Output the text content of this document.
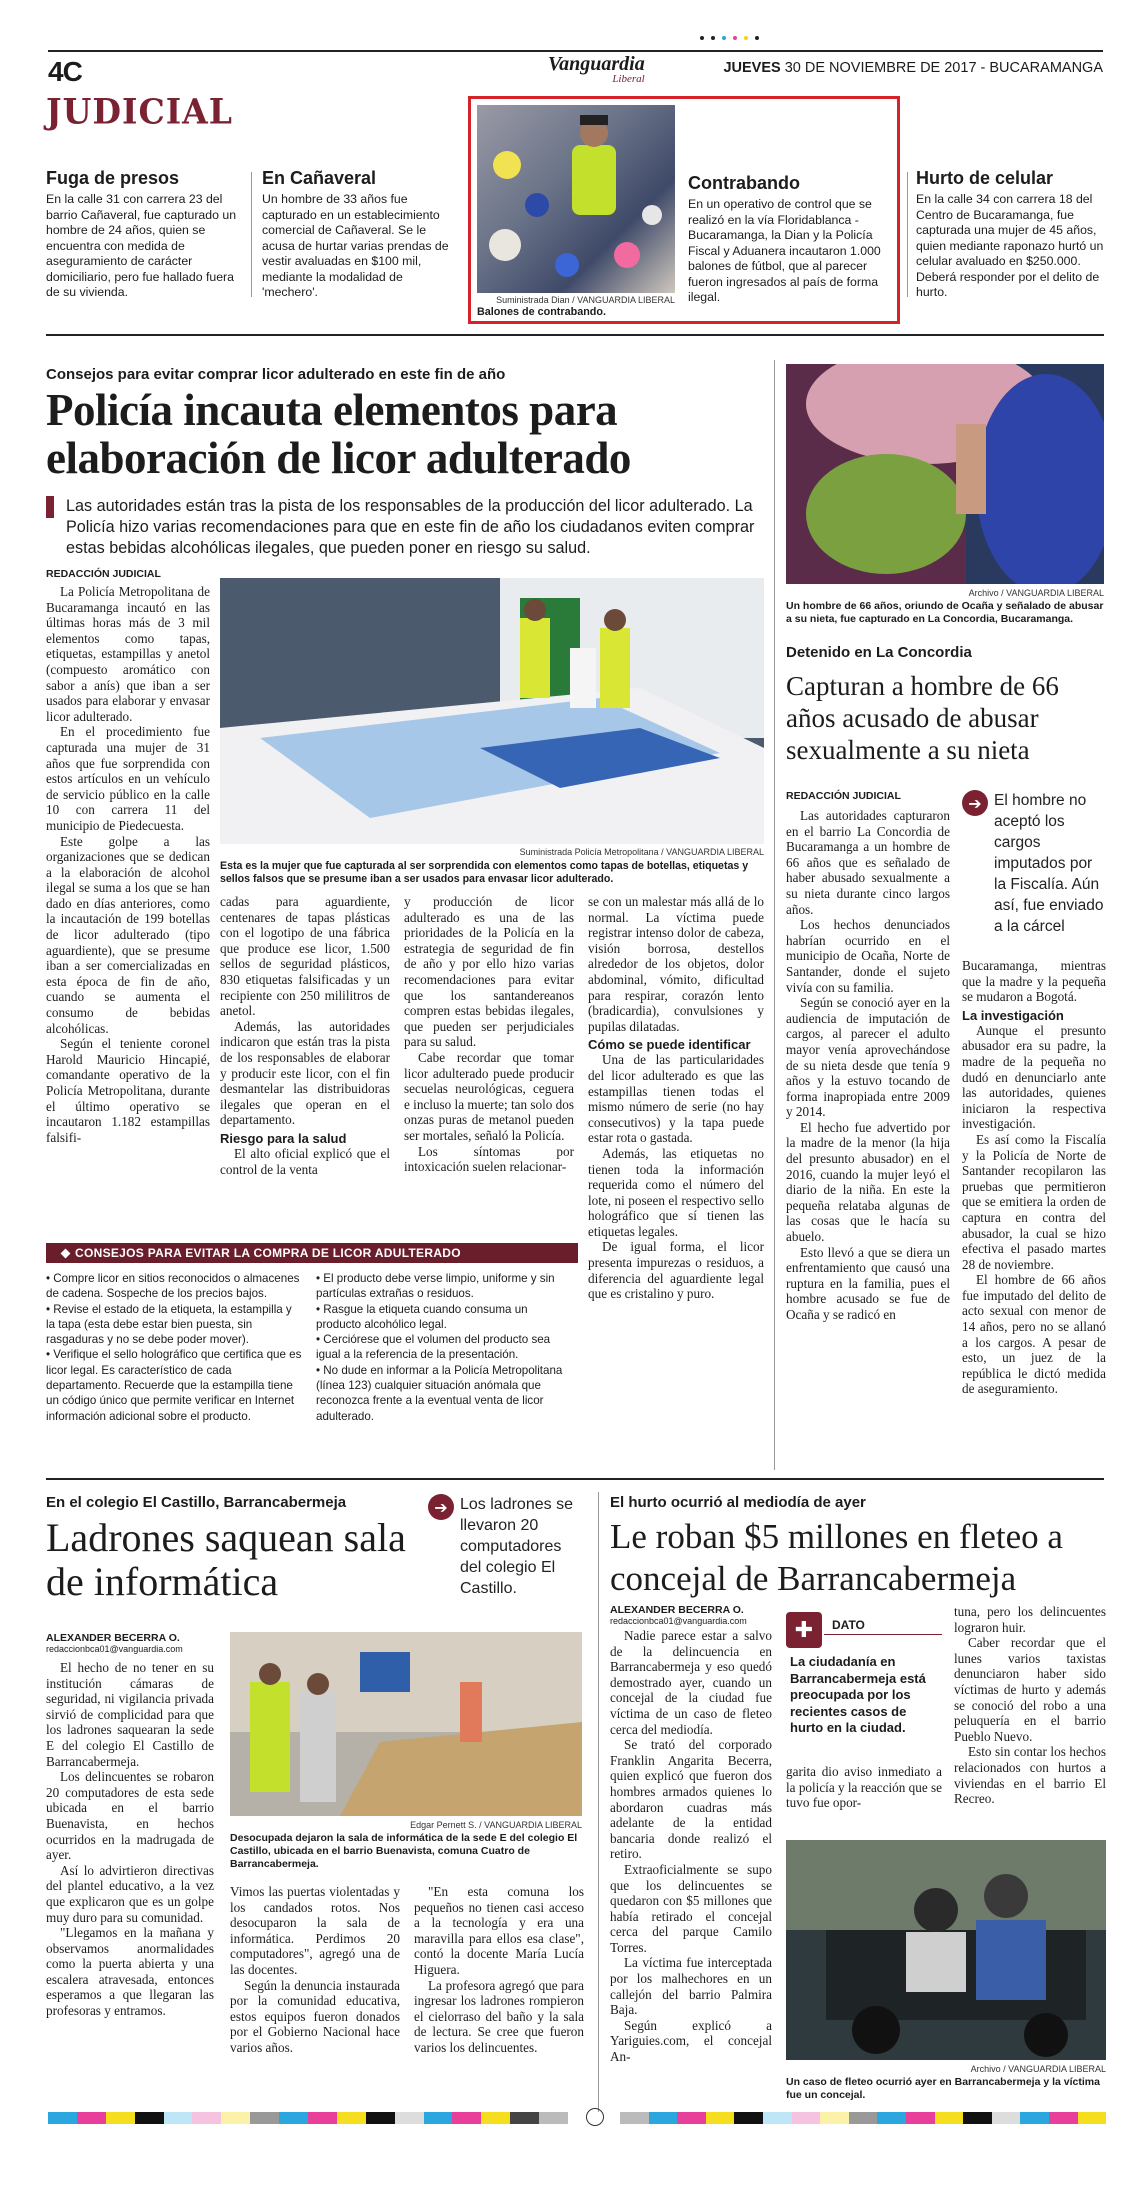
4C	Vanguardia
Liberal
JUEVES 30 DE NOVIEMBRE DE 2017 - BUCARAMANGA
JUDICIAL
Fuga de presos

En la calle 31 con carrera 23 del barrio Cañaveral, fue capturado un hombre de 24 años, quien se encuentra con medida de aseguramiento de carácter domiciliario, pero fue hallado fuera de su vivienda.

En Cañaveral

Un hombre de 33 años fue capturado en un establecimiento comercial de Cañaveral. Se le acusa de hurtar varias prendas de vestir avaluadas en $100 mil, mediante la modalidad de 'mechero'.

Suministrada Dian / VANGUARDIA LIBERAL
Balones de contrabando.
Contrabando

En un operativo de control que se realizó en la vía Floridablanca - Bucaramanga, la Dian y la Policía Fiscal y Aduanera incautaron 1.000 balones de fútbol, que al parecer fueron ingresados al país de forma ilegal.

Hurto de celular

En la calle 34 con carrera 18 del Centro de Bucaramanga, fue capturada una mujer de 45 años, quien mediante raponazo hurtó un celular avaluado en $250.000. Deberá responder por el delito de hurto.

Consejos para evitar comprar licor adulterado en este fin de año
Policía incauta elementos para elaboración de licor adulterado
Las autoridades están tras la pista de los responsables de la producción del licor adulterado. La Policía hizo varias recomendaciones para que en este fin de año los ciudadanos eviten comprar estas bebidas alcohólicas ilegales, que pueden poner en riesgo su salud.
REDACCIÓN JUDICIAL

La Policía Metropolitana de Bucaramanga incautó en las últimas horas más de 3 mil elementos como tapas, etiquetas, estampillas y anetol (compuesto aromático con sabor a anís) que iban a ser usados para elaborar y envasar licor adulterado.

En el procedimiento fue capturada una mujer de 31 años que fue sorprendida con estos artículos en un vehículo de servicio público en la calle 10 con carrera 11 del municipio de Piedecuesta.

Este golpe a las organizaciones que se dedican a la elaboración de alcohol ilegal se suma a los que se han dado en días anteriores, como la incautación de 199 botellas de licor adulterado (tipo aguardiente), que se presume iban a ser comercializadas en esta época de fin de año, cuando se aumenta el consumo de bebidas alcohólicas.

Según el teniente coronel Harold Mauricio Hincapié, comandante operativo de la Policía Metropolitana, durante el último operativo se incautaron 1.182 estampillas falsifi-

Suministrada Policía Metropolitana / VANGUARDIA LIBERAL
Esta es la mujer que fue capturada al ser sorprendida con elementos como tapas de botellas, etiquetas y sellos falsos que se presume iban a ser usados para envasar licor adulterado.

cadas para aguardiente, centenares de tapas plásticas con el logotipo de una fábrica que produce ese licor, 1.500 sellos de seguridad plásticos, 830 etiquetas falsificadas y un recipiente con 250 mililitros de anetol.

Además, las autoridades indicaron que están tras la pista de los responsables de elaborar y producir este licor, con el fin desmantelar las distribuidoras ilegales que operan en el departamento.

Riesgo para la salud

El alto oficial explicó que el control de la venta

y producción de licor adulterado es una de las prioridades de la Policía en la estrategia de seguridad de fin de año y por ello hizo varias recomendaciones para evitar que los santandereanos compren estas bebidas ilegales, que pueden ser perjudiciales para su salud.

Cabe recordar que tomar licor adulterado puede producir secuelas neurológicas, ceguera e incluso la muerte; tan solo dos onzas puras de metanol pueden ser mortales, señaló la Policía.

Los síntomas por intoxicación suelen relacionar-

se con un malestar más allá de lo normal. La víctima puede registrar intenso dolor de cabeza, visión borrosa, destellos alrededor de los objetos, dolor abdominal, vómito, dificultad para respirar, corazón lento (bradicardia), convulsiones y pupilas dilatadas.

Cómo se puede identificar

Una de las particularidades del licor adulterado es que las estampillas tienen todas el mismo número de serie (no hay consecutivos) y la tapa puede estar rota o gastada.

Además, las etiquetas no tienen toda la información requerida como el número del lote, ni poseen el respectivo sello holográfico que sí tienen las etiquetas legales.

De igual forma, el licor presenta impurezas o residuos, a diferencia del aguardiente legal que es cristalino y puro.

CONSEJOS PARA EVITAR LA COMPRA DE LICOR ADULTERADO
• Compre licor en sitios reconocidos o almacenes de cadena. Sospeche de los precios bajos.
• Revise el estado de la etiqueta, la estampilla y la tapa (esta debe estar bien puesta, sin rasgaduras y no se debe poder mover).
• Verifique el sello holográfico que certifica que es licor legal. Es característico de cada departamento. Recuerde que la estampilla tiene un código único que permite verificar en Internet información adicional sobre el producto.
• El producto debe verse limpio, uniforme y sin partículas extrañas o residuos.
• Rasgue la etiqueta cuando consuma un producto alcohólico legal.
• Cerciórese que el volumen del producto sea igual a la referencia de la presentación.
• No dude en informar a la Policía Metropolitana (línea 123) cualquier situación anómala que reconozca frente a la eventual venta de licor adulterado.
Archivo / VANGUARDIA LIBERAL
Un hombre de 66 años, oriundo de Ocaña y señalado de abusar a su nieta, fue capturado en La Concordia, Bucaramanga.
Detenido en La Concordia
Capturan a hombre de 66 años acusado de abusar sexualmente a su nieta
REDACCIÓN JUDICIAL	➔ El hombre no aceptó los cargos imputados por la Fiscalía. Aún así, fue enviado a la cárcel

Las autoridades capturaron en el barrio La Concordia de Bucaramanga a un hombre de 66 años que es señalado de haber abusado sexualmente a su nieta durante cinco largos años.

Los hechos denunciados habrían ocurrido en el municipio de Ocaña, Norte de Santander, donde el sujeto vivía con su familia.

Según se conoció ayer en la audiencia de imputación de cargos, al parecer el adulto mayor venía aprovechándose de su nieta desde que tenía 9 años y la estuvo tocando de forma inapropiada entre 2009 y 2014.

El hecho fue advertido por la madre de la menor (la hija del presunto abusador) en el 2016, cuando la mujer leyó el diario de la niña. En este la pequeña relataba algunas de las cosas que le hacía su abuelo.

Esto llevó a que se diera un enfrentamiento que causó una ruptura en la familia, pues el hombre acusado se fue de Ocaña y se radicó en

Bucaramanga, mientras que la madre y la pequeña se mudaron a Bogotá.

La investigación

Aunque el presunto abusador era su padre, la madre de la pequeña no dudó en denunciarlo ante las autoridades, quienes iniciaron la respectiva investigación.

Es así como la Fiscalía y la Policía de Norte de Santander recopilaron las pruebas que permitieron que se emitiera la orden de captura en contra del abusador, la cual se hizo efectiva el pasado martes 28 de noviembre.

El hombre de 66 años fue imputado del delito de acto sexual con menor de 14 años, pero no se allanó a los cargos. A pesar de esto, un juez de la república le dictó medida de aseguramiento.

En el colegio El Castillo, Barrancabermeja
Ladrones saquean sala de informática
➔ Los ladrones se llevaron 20 computadores del colegio El Castillo.
ALEXANDER BECERRA O.
redaccionbca01@vanguardia.com

El hecho de no tener en su institución cámaras de seguridad, ni vigilancia privada sirvió de complicidad para que los ladrones saquearan la sede E del colegio El Castillo de Barrancabermeja.

Los delincuentes se robaron 20 computadores de esta sede ubicada en el barrio Buenavista, en hechos ocurridos en la madrugada de ayer.

Así lo advirtieron directivas del plantel educativo, a la vez que explicaron que es un golpe muy duro para su comunidad.

"Llegamos en la mañana y observamos anormalidades como la puerta abierta y una escalera atravesada, entonces esperamos a que llegaran las profesoras y entramos.

Edgar Pernett S. / VANGUARDIA LIBERAL
Desocupada dejaron la sala de informática de la sede E del colegio El Castillo, ubicada en el barrio Buenavista, comuna Cuatro de Barrancabermeja.

Vimos las puertas violentadas y los candados rotos. Nos desocuparon la sala de informática. Perdimos 20 computadores", agregó una de las docentes.

Según la denuncia instaurada por la comunidad educativa, estos equipos fueron donados por el Gobierno Nacional hace varios años.

"En esta comuna los pequeños no tienen casi acceso a la tecnología y era una maravilla para ellos esa clase", contó la docente María Lucía Higuera.

La profesora agregó que para ingresar los ladrones rompieron el cielorraso del baño y la sala de lectura. Se cree que fueron varios los delincuentes.

El hurto ocurrió al mediodía de ayer
Le roban $5 millones en fleteo a concejal de Barrancabermeja
ALEXANDER BECERRA O.
redaccionbca01@vanguardia.com

Nadie parece estar a salvo de la delincuencia en Barrancabermeja y eso quedó demostrado ayer, cuando un concejal de la ciudad fue víctima de un caso de fleteo cerca del mediodía.

Se trató del corporado Franklin Angarita Becerra, quien explicó que fueron dos hombres armados quienes lo abordaron cuadras más adelante de la entidad bancaria donde realizó el retiro.

Extraoficialmente se supo que los delincuentes se quedaron con $5 millones que había retirado el concejal cerca del parque Camilo Torres.

La víctima fue interceptada por los malhechores en un callejón del barrio Palmira Baja.

Según explicó a Yariguies.com, el concejal An-

✚	DATO
La ciudadanía en Barrancabermeja está preocupada por los recientes casos de hurto en la ciudad.

garita dio aviso inmediato a la policía y la reacción que se tuvo fue opor-

tuna, pero los delincuentes lograron huir.

Caber recordar que el lunes varios taxistas denunciaron haber sido víctimas de hurto y además se conoció del robo a una peluquería en el barrio Pueblo Nuevo.

Esto sin contar los hechos relacionados con hurtos a viviendas en el barrio El Recreo.

Archivo / VANGUARDIA LIBERAL
Un caso de fleteo ocurrió ayer en Barrancabermeja y la víctima fue un concejal.
